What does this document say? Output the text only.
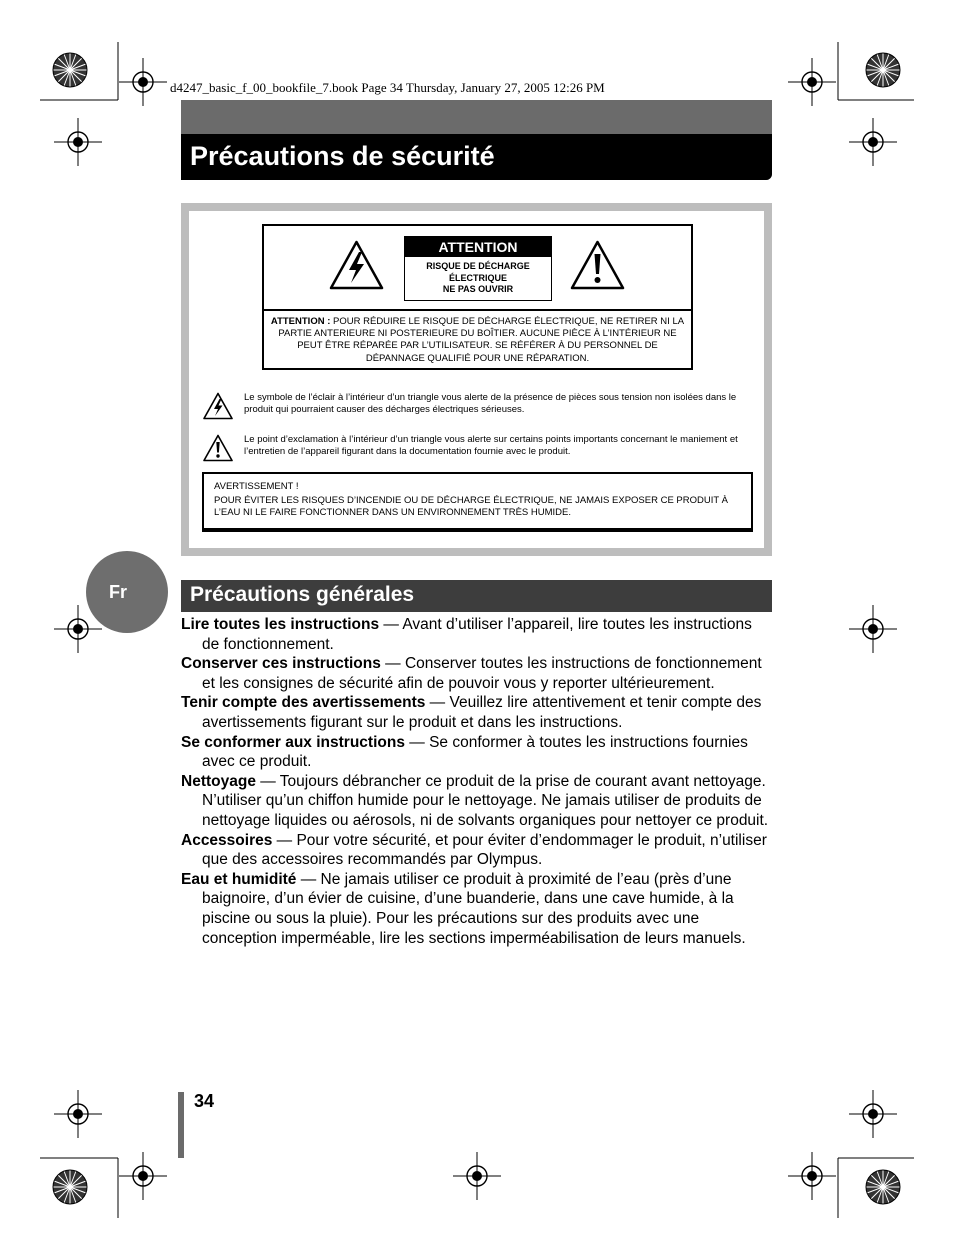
d4247_basic_f_00_bookfile_7.book Page 34 Thursday, January 27, 2005 12:26 PM
Précautions de sécurité
ATTENTION
RISQUE DE DÉCHARGE
ÉLECTRIQUE
NE PAS OUVRIR
ATTENTION : POUR RÉDUIRE LE RISQUE DE DÉCHARGE ÉLECTRIQUE, NE RETIRER NI LA PARTIE ANTERIEURE NI POSTERIEURE DU BOÎTIER. AUCUNE PIÈCE À L’INTÉRIEUR NE PEUT ÊTRE RÉPARÉE PAR L’UTILISATEUR. SE RÉFÉRER À DU PERSONNEL DE DÉPANNAGE QUALIFIÉ POUR UNE RÉPARATION.
Le symbole de l’éclair à l’intérieur d’un triangle vous alerte de la présence de pièces sous tension non isolées dans le produit qui pourraient causer des décharges électriques sérieuses.
Le point d’exclamation à l’intérieur d’un triangle vous alerte sur certains points importants concernant le maniement et l’entretien de l’appareil figurant dans la documentation fournie avec le produit.
AVERTISSEMENT !
POUR ÉVITER LES RISQUES D’INCENDIE OU DE DÉCHARGE ÉLECTRIQUE, NE JAMAIS EXPOSER CE PRODUIT À L’EAU NI LE FAIRE FONCTIONNER DANS UN ENVIRONNEMENT TRÈS HUMIDE.
Fr	Précautions générales

Lire toutes les instructions — Avant d’utiliser l’appareil, lire toutes les instructions de fonctionnement.

Conserver ces instructions — Conserver toutes les instructions de fonctionnement et les consignes de sécurité afin de pouvoir vous y reporter ultérieurement.

Tenir compte des avertissements — Veuillez lire attentivement et tenir compte des avertissements figurant sur le produit et dans les instructions.

Se conformer aux instructions — Se conformer à toutes les instructions fournies avec ce produit.

Nettoyage — Toujours débrancher ce produit de la prise de courant avant nettoyage. N’utiliser qu’un chiffon humide pour le nettoyage. Ne jamais utiliser de produits de nettoyage liquides ou aérosols, ni de solvants organiques pour nettoyer ce produit.

Accessoires — Pour votre sécurité, et pour éviter d’endommager le produit, n’utiliser que des accessoires recommandés par Olympus.

Eau et humidité — Ne jamais utiliser ce produit à proximité de l’eau (près d’une baignoire, d’un évier de cuisine, d’une buanderie, dans une cave humide, à la piscine ou sous la pluie). Pour les précautions sur des produits avec une conception imperméable, lire les sections imperméabilisation de leurs manuels.

34
